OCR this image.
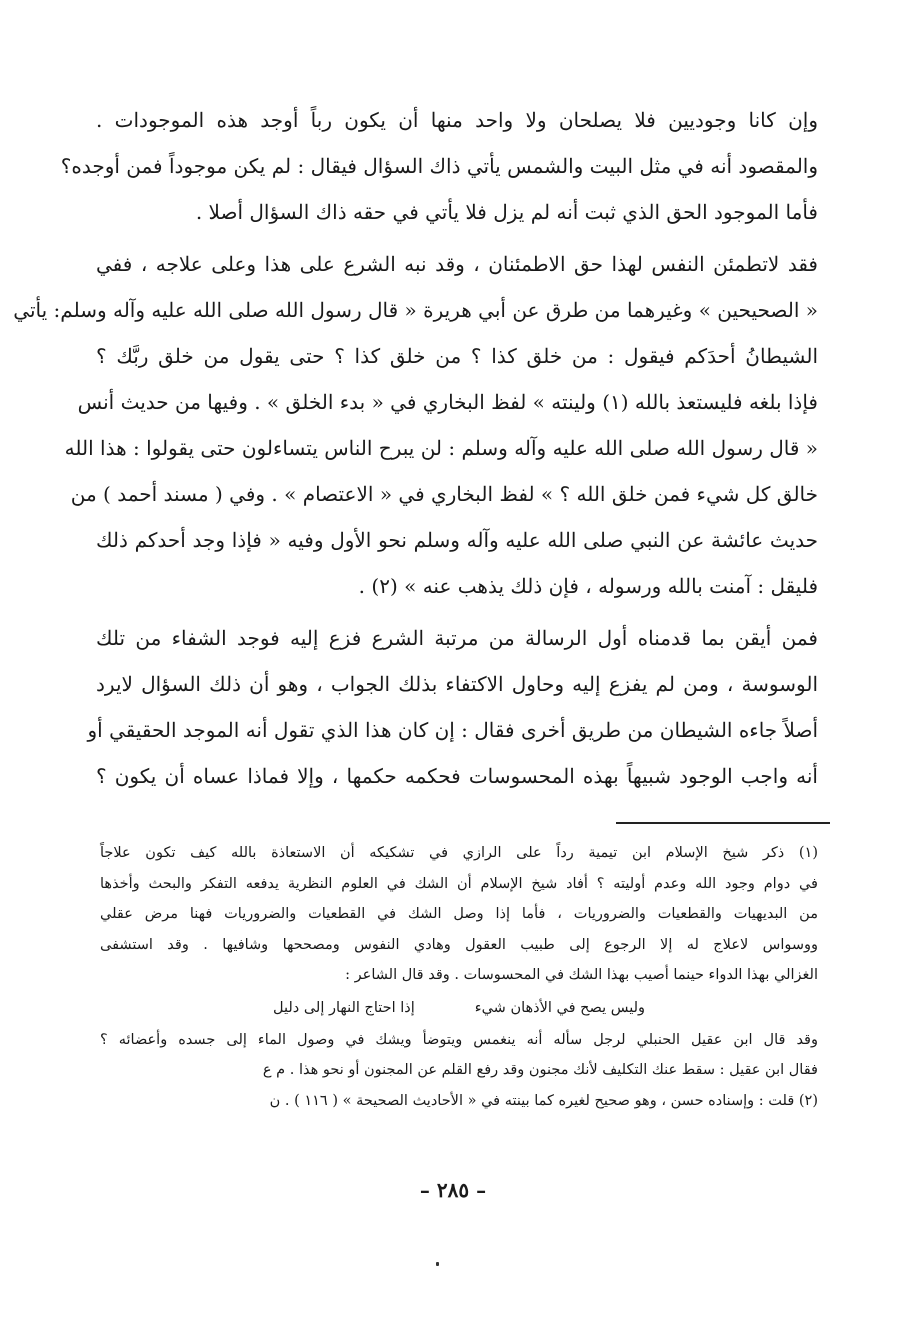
وإن كانا وجوديين فلا يصلحان ولا واحد منها أن يكون رباً أوجد هذه الموجودات .
والمقصود أنه في مثل البيت والشمس يأتي ذاك السؤال فيقال : لم يكن موجوداً فمن أوجده؟
فأما الموجود الحق الذي ثبت أنه لم يزل فلا يأتي في حقه ذاك السؤال أصلا .
فقد لاتطمئن النفس لهذا حق الاطمئنان ، وقد نبه الشرع على هذا وعلى علاجه ، ففي
« الصحيحين » وغيرهما من طرق عن أبي هريرة « قال رسول الله صلى الله عليه وآله وسلم: يأتي
الشيطانُ أحدَكم فيقول : من خلق كذا ؟ من خلق كذا ؟ حتى يقول من خلق ربَّك ؟
فإذا بلغه فليستعذ بالله (١) ولينته » لفظ البخاري في « بدء الخلق » . وفيها من حديث أنس
« قال رسول الله صلى الله عليه وآله وسلم : لن يبرح الناس يتساءلون حتى يقولوا : هذا الله
خالق كل شيء فمن خلق الله ؟ » لفظ البخاري في « الاعتصام » . وفي ( مسند أحمد ) من
حديث عائشة عن النبي صلى الله عليه وآله وسلم نحو الأول وفيه « فإذا وجد أحدكم ذلك
فليقل : آمنت بالله ورسوله ، فإن ذلك يذهب عنه » (٢) .
فمن أيقن بما قدمناه أول الرسالة من مرتبة الشرع فزع إليه فوجد الشفاء من تلك
الوسوسة ، ومن لم يفزع إليه وحاول الاكتفاء بذلك الجواب ، وهو أن ذلك السؤال لايرد
أصلاً جاءه الشيطان من طريق أخرى فقال : إن كان هذا الذي تقول أنه الموجد الحقيقي أو
أنه واجب الوجود شبيهاً بهذه المحسوسات فحكمه حكمها ، وإلا فماذا عساه أن يكون ؟
(١) ذكر شيخ الإسلام ابن تيمية رداً على الرازي في تشكيكه أن الاستعاذة بالله كيف تكون علاجاً
في دوام وجود الله وعدم أوليته ؟ أفاد شيخ الإسلام أن الشك في العلوم النظرية يدفعه التفكر والبحث وأخذها
من البديهيات والقطعيات والضروريات ، فأما إذا وصل الشك في القطعيات والضروريات فهنا مرض عقلي
ووسواس لاعلاج له إلا الرجوع إلى طبيب العقول وهادي النفوس ومصححها وشافيها . وقد استشفى
الغزالي بهذا الدواء حينما أصيب بهذا الشك في المحسوسات . وقد قال الشاعر :
وليس يصح في الأذهان شيء
إذا احتاج النهار إلى دليل
وقد قال ابن عقيل الحنبلي لرجل سأله أنه ينغمس ويتوضأ ويشك في وصول الماء إلى جسده وأعضائه ؟
فقال ابن عقيل : سقط عنك التكليف لأنك مجنون وقد رفع القلم عن المجنون أو نحو هذا . م ع
(٢) قلت : وإسناده حسن ، وهو صحيح لغيره كما بينته في « الأحاديث الصحيحة » ( ١١٦ ) . ن
– ٢٨٥ –
